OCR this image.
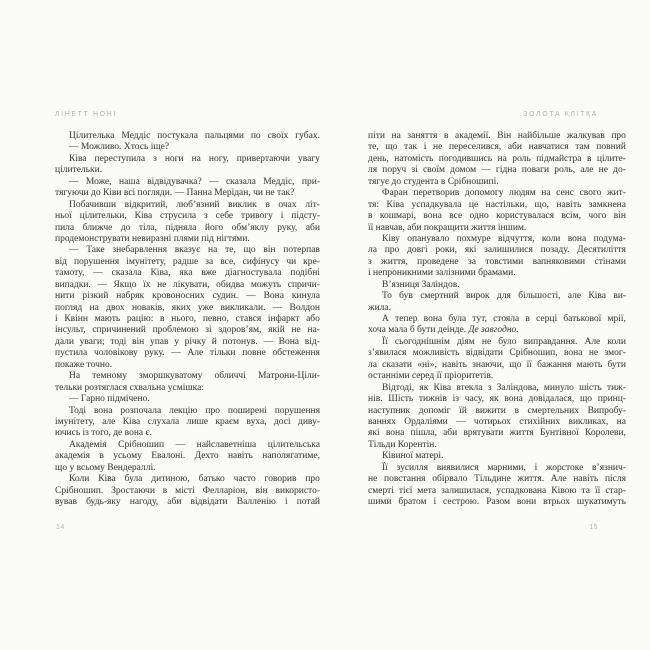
ЛІНЕТТ НОНІ	ЗОЛОТА КЛІТКА
Цілителька Меддіс постукала пальцями по своїх губах.
— Можливо. Хтось іще?
Ківа переступила з ноги на ногу, привертаючи увагу
цілительки.
— Може, наша відвідувачка? — сказала Меддіс, при-
тягуючи до Ківи всі погляди. — Панна Мерідан, чи не так?
Побачивши відкритий, люб’язний виклик в очах літ-
ньої цілительки, Ківа струсила з себе тривогу і підсту-
пила ближче до тіла, підняла його обм’яклу руку, аби
продемонструвати невиразні плями під нігтями.
— Таке знебарвлення вказує на те, що він потерпав
від порушення імунітету, радше за все, сифінусу чи кре-
тамоту, — сказала Ківа, яка вже діагностувала подібні
випадки. — Якщо їх не лікувати, обидва можуть спричи-
нити різкий набряк кровоносних судин. — Вона кинула
погляд на двох новаків, яких уже викликали. — Волдон
і Квінн мають рацію: в нього, певно, стався інфаркт або
інсульт, спричинений проблемою зі здоров’ям, якій не на-
дали уваги; тоді він упав у річку й потонув. — Вона від-
пустила чоловікову руку. — Але тільки повне обстеження
покаже точно.
На темному зморшкуватому обличчі Матрони-Ціли-
тельки розтяглася схвальна усмішка:
— Гарно підмічено.
Тоді вона розпочала лекцію про поширені порушення
імунітету, але Ківа слухала лише краєм вуха, досі диву-
ючись із того, де вона є.
Академія Срібношип — найславетніша цілительська
академія в усьому Евалоні. Дехто навіть наполягатиме,
що у всьому Вендераллі.
Коли Ківа була дитиною, батько часто говорив про
Срібношип. Зростаючи в місті Фелларіон, він використо-
вував будь-яку нагоду, аби відвідати Валленію і потай
піти на заняття в академії. Він найбільше жалкував про
те, що так і не переселився, аби навчатися там повний
день, натомість погодившись на роль підмайстра в цілите-
ля поруч зі своїм домом — гідна поваги роль, але не до-
тягує до студента в Срібношипі.
Фаран перетворив допомогу людям на сенс свого жит-
тя: Ківа успадкувала це настільки, що, навіть замкнена
в кошмарі, вона все одно користувалася всім, чого він
її навчав, аби покращити життя іншим.
Ківу опанувало похмуре відчуття, коли вона подума-
ла про довгі роки, які залишилися позаду. Десятиліття
з життя, проведене за товстими вапняковими стінами
і непроникними залізними брамами.
В’язниця Заліндов.
То був смертний вирок для більшості, але Ківа ви-
жила.
А тепер вона була тут, стояла в серці батькової мрії,
хоча мала б бути деінде. Де завгодно.
Її сьогоднішнім діям не було виправдання. Але коли
з’явилася можливість відвідати Срібношип, вона не змог-
ла сказати «ні», навіть знаючи, що її бажання мають бути
останніми серед її пріоритетів.
Відтоді, як Ківа втекла з Заліндова, минуло шість тиж-
нів. Шість тижнів із часу, як вона довідалася, що принц-
наступник допоміг їй вижити в смертельних Випробу-
ваннях Ордаліями — чотирьох стихійних викликах, на
які вона пішла, аби врятувати життя Бунтівної Королеви,
Тільди Корентін.
Ківиної матері.
Її зусилля виявилися марними, і жорстоке в’язнич-
не повстання обірвало Тільдине життя. Але навіть після
смерті тієї мета залишилася, успадкована Ківою та її стар-
шими братом і сестрою. Разом вони втрьох шукатимуть
14	15
